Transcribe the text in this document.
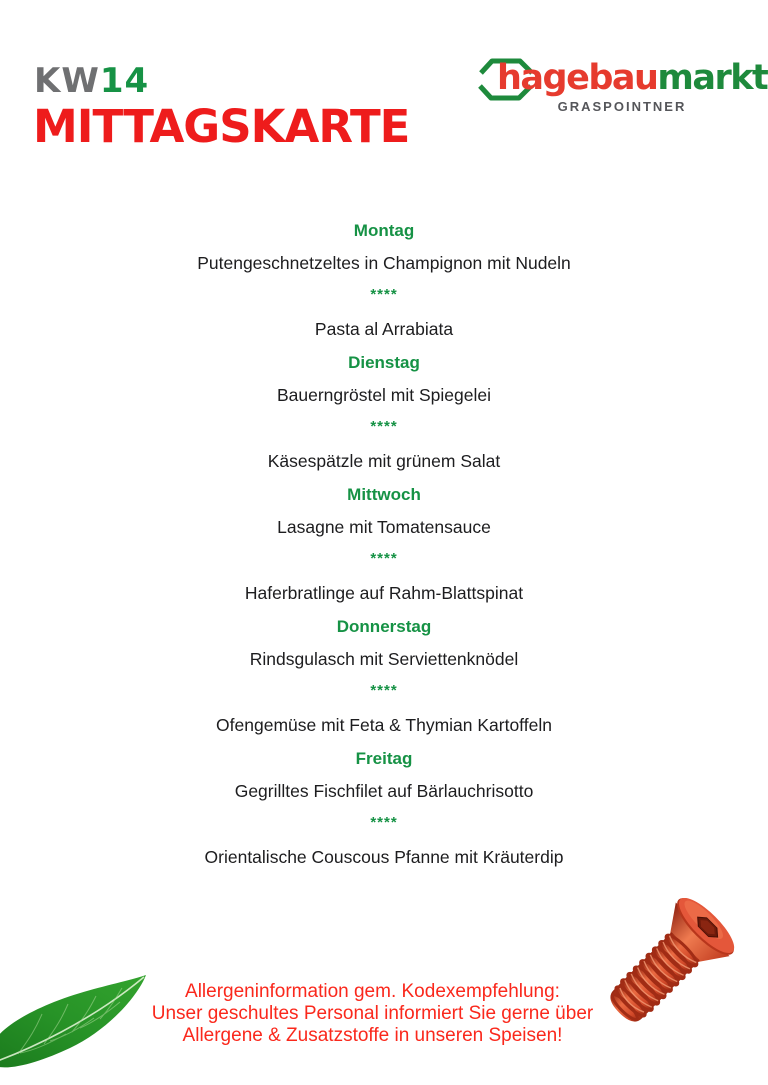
KW14
MITTAGSKARTE
hagebaumarkt
GRASPOINTNER
Montag
Putengeschnetzeltes in Champignon mit Nudeln
****
Pasta al Arrabiata
Dienstag
Bauerngröstel mit Spiegelei
****
Käsespätzle mit grünem Salat
Mittwoch
Lasagne mit Tomatensauce
****
Haferbratlinge auf Rahm-Blattspinat
Donnerstag
Rindsgulasch mit Serviettenknödel
****
Ofengemüse mit Feta & Thymian Kartoffeln
Freitag
Gegrilltes Fischfilet auf Bärlauchrisotto
****
Orientalische Couscous Pfanne mit Kräuterdip
Allergeninformation gem. Kodexempfehlung:
Unser geschultes Personal informiert Sie gerne über
Allergene & Zusatzstoffe in unseren Speisen!
